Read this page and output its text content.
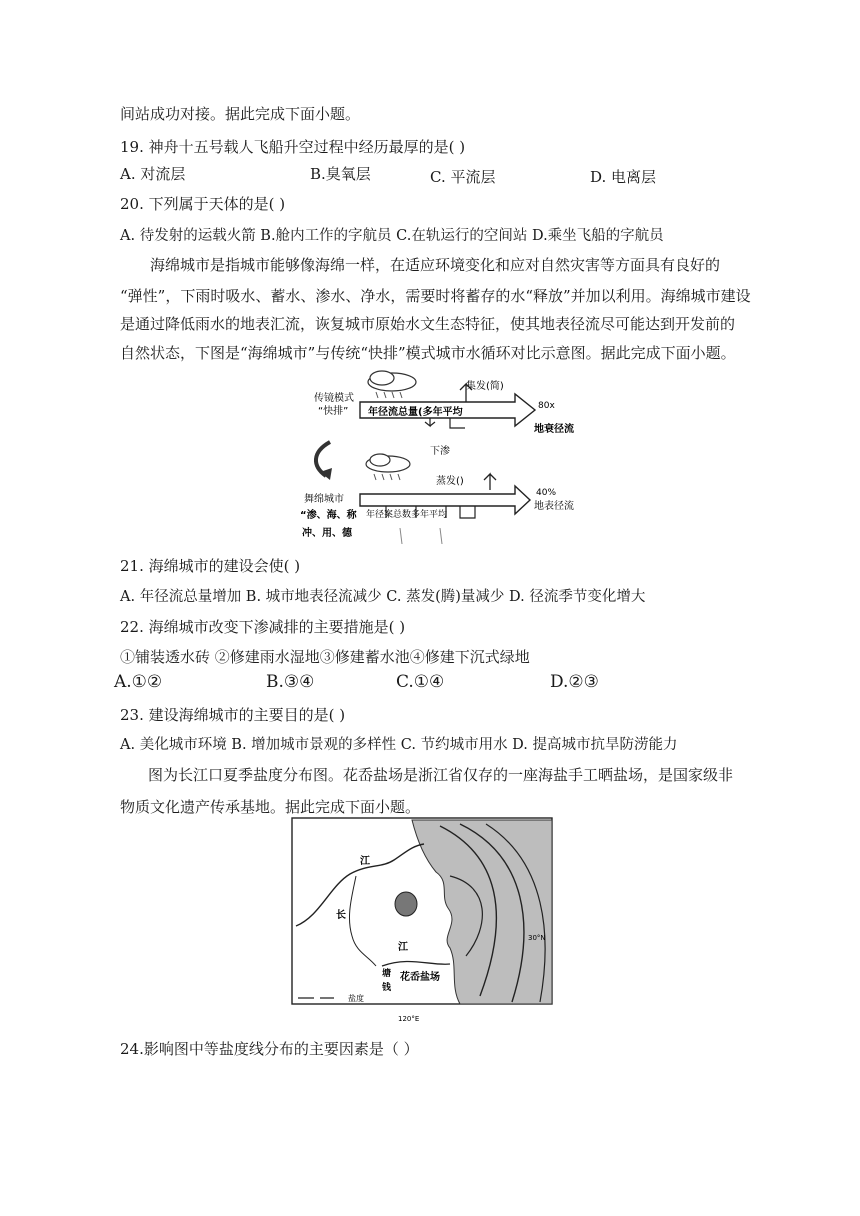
间站成功对接。据此完成下面小题。
19. 神舟十五号载人飞船升空过程中经历最厚的是( )
A. 对流层	B.臭氧层	C. 平流层	D. 电离层
20. 下列属于天体的是( )
A. 待发射的运载火箭 B.舱内工作的字航员 C.在轨运行的空间站 D.乘坐飞船的字航员
海绵城市是指城市能够像海绵一样，在适应环境变化和应对自然灾害等方面具有良好的
“弹性”，下雨时吸水、蓄水、渗水、净水，需要时将蓄存的水“释放”并加以利用。海绵城市建设
是通过降低雨水的地表汇流，诙复城市原始水文生态特征，使其地表径流尽可能达到开发前的
自然状态，下图是“海绵城市”与传统“快排”模式城市水循环对比示意图。据此完成下面小题。
传镜模式
“快排”
集发(简)
年径流总量(多年平均
80x
地衰径流
下渗
蒸发()
40%
地表径流
舞绵城市
“渗、海、称
冲、用、德
年径案总数多年平均
21. 海绵城市的建设会使( )
A. 年径流总量增加 B. 城市地表径流减少 C. 蒸发(腾)量减少 D. 径流季节变化增大
22. 海绵城市改变下渗减排的主要措施是( )
①铺装透水砖 ②修建雨水湿地③修建蓄水池④修建下沉式绿地
A.①②	B.③④	C.①④	D.②③
23. 建设海绵城市的主要目的是( )
A. 美化城市环境 B. 增加城市景观的多样性 C. 节约城市用水 D. 提高城市抗旱防涝能力
图为长江口夏季盐度分布图。花岙盐场是浙江省仅存的一座海盐手工晒盐场，是国家级非
物质文化遗产传承基地。据此完成下面小题。
江
长
江
塘
钱
花岙盐场
30°N
盐度
120°E
24.影响图中等盐度线分布的主要因素是（ ）
